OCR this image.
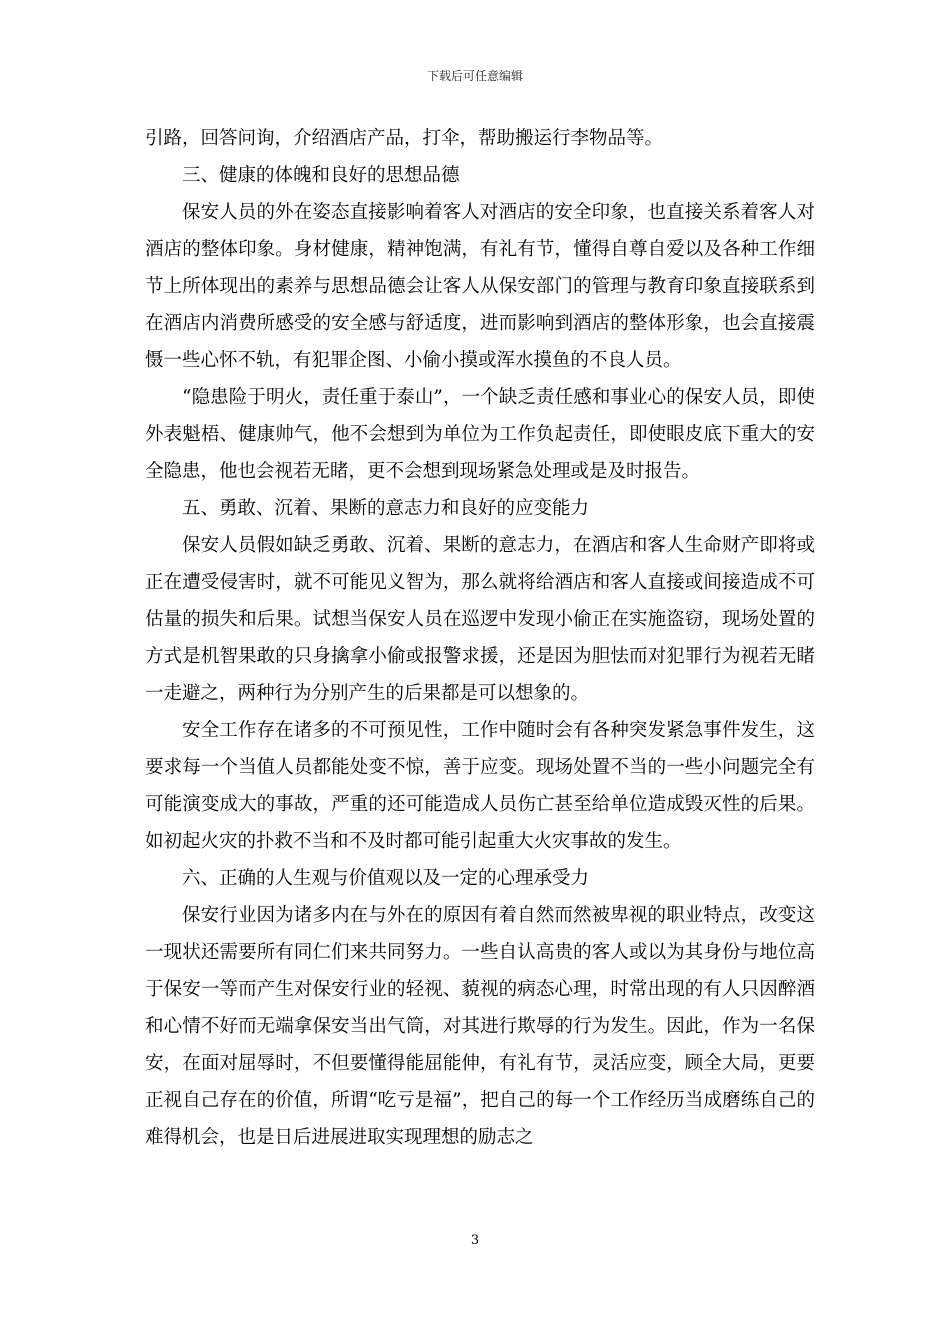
下载后可任意编辑

引路，回答问询，介绍酒店产品，打伞，帮助搬运行李物品等。

三、健康的体魄和良好的思想品德

保安人员的外在姿态直接影响着客人对酒店的安全印象，也直接关系着客人对酒店的整体印象。身材健康，精神饱满，有礼有节，懂得自尊自爱以及各种工作细节上所体现出的素养与思想品德会让客人从保安部门的管理与教育印象直接联系到在酒店内消费所感受的安全感与舒适度，进而影响到酒店的整体形象，也会直接震慑一些心怀不轨，有犯罪企图、小偷小摸或浑水摸鱼的不良人员。

“隐患险于明火，责任重于泰山”，一个缺乏责任感和事业心的保安人员，即使外表魁梧、健康帅气，他不会想到为单位为工作负起责任，即使眼皮底下重大的安全隐患，他也会视若无睹，更不会想到现场紧急处理或是及时报告。

五、勇敢、沉着、果断的意志力和良好的应变能力

保安人员假如缺乏勇敢、沉着、果断的意志力，在酒店和客人生命财产即将或正在遭受侵害时，就不可能见义智为，那么就将给酒店和客人直接或间接造成不可估量的损失和后果。试想当保安人员在巡逻中发现小偷正在实施盗窃，现场处置的方式是机智果敢的只身擒拿小偷或报警求援，还是因为胆怯而对犯罪行为视若无睹一走避之，两种行为分别产生的后果都是可以想象的。

安全工作存在诸多的不可预见性，工作中随时会有各种突发紧急事件发生，这要求每一个当值人员都能处变不惊，善于应变。现场处置不当的一些小问题完全有可能演变成大的事故，严重的还可能造成人员伤亡甚至给单位造成毁灭性的后果。如初起火灾的扑救不当和不及时都可能引起重大火灾事故的发生。

六、正确的人生观与价值观以及一定的心理承受力

保安行业因为诸多内在与外在的原因有着自然而然被卑视的职业特点，改变这一现状还需要所有同仁们来共同努力。一些自认高贵的客人或以为其身份与地位高于保安一等而产生对保安行业的轻视、藐视的病态心理，时常出现的有人只因醉酒和心情不好而无端拿保安当出气筒，对其进行欺辱的行为发生。因此，作为一名保安，在面对屈辱时，不但要懂得能屈能伸，有礼有节，灵活应变，顾全大局，更要正视自己存在的价值，所谓“吃亏是福”，把自己的每一个工作经历当成磨练自己的难得机会，也是日后进展进取实现理想的励志之

3
